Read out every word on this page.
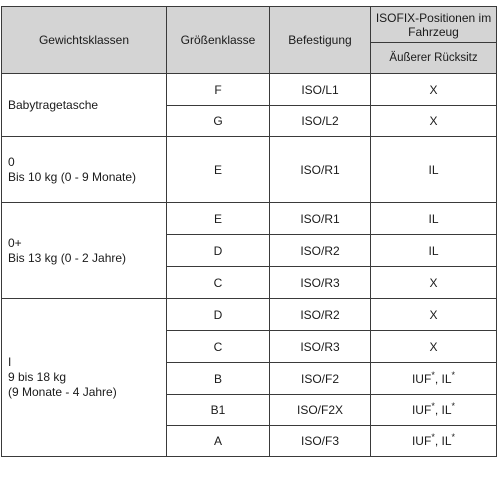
Gewichtsklassen	Größenklasse	Befestigung	ISOFIX-Positionen im Fahrzeug
			Äußerer Rücksitz

Babytragetasche	F	ISO/L1	X
	G	ISO/L2	X

0
Bis 10 kg (0 - 9 Monate)	E	ISO/R1	IL

0+
Bis 13 kg (0 - 2 Jahre)	E	ISO/R1	IL
	D	ISO/R2	IL
	C	ISO/R3	X

I
9 bis 18 kg
(9 Monate - 4 Jahre)	D	ISO/R2	X
	C	ISO/R3	X
	B	ISO/F2	IUF*, IL*
	B1	ISO/F2X	IUF*, IL*
	A	ISO/F3	IUF*, IL*
